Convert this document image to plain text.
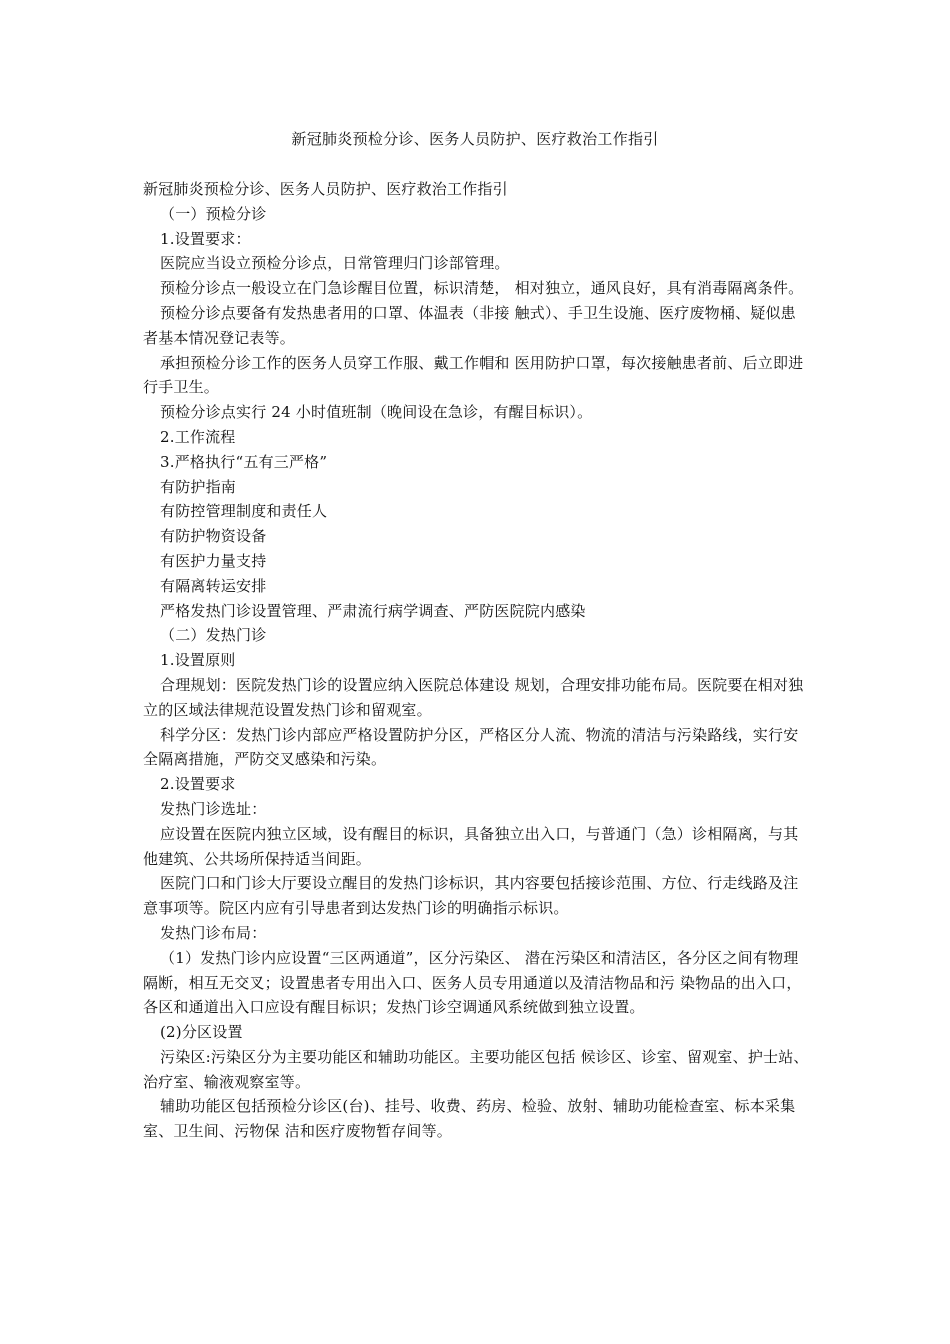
新冠肺炎预检分诊、医务人员防护、医疗救治工作指引

新冠肺炎预检分诊、医务人员防护、医疗救治工作指引

（一）预检分诊

1.设置要求：

医院应当设立预检分诊点，日常管理归门诊部管理。

预检分诊点一般设立在门急诊醒目位置，标识清楚， 相对独立，通风良好，具有消毒隔离条件。

预检分诊点要备有发热患者用的口罩、体温表（非接 触式）、手卫生设施、医疗废物桶、疑似患者基本情况登记表等。

承担预检分诊工作的医务人员穿工作服、戴工作帽和 医用防护口罩，每次接触患者前、后立即进行手卫生。

预检分诊点实行 24 小时值班制（晚间设在急诊，有醒目标识）。

2.工作流程

3.严格执行“五有三严格”

有防护指南

有防控管理制度和责任人

有防护物资设备

有医护力量支持

有隔离转运安排

严格发热门诊设置管理、严肃流行病学调查、严防医院院内感染

（二）发热门诊

1.设置原则

合理规划：医院发热门诊的设置应纳入医院总体建设 规划，合理安排功能布局。医院要在相对独立的区域法律规范设置发热门诊和留观室。

科学分区：发热门诊内部应严格设置防护分区，严格区分人流、物流的清洁与污染路线，实行安全隔离措施，严防交叉感染和污染。

2.设置要求

发热门诊选址：

应设置在医院内独立区域，设有醒目的标识，具备独立出入口，与普通门（急）诊相隔离，与其他建筑、公共场所保持适当间距。

医院门口和门诊大厅要设立醒目的发热门诊标识，其内容要包括接诊范围、方位、行走线路及注意事项等。院区内应有引导患者到达发热门诊的明确指示标识。

发热门诊布局：

（1）发热门诊内应设置“三区两通道”，区分污染区、 潜在污染区和清洁区，各分区之间有物理隔断，相互无交叉；设置患者专用出入口、医务人员专用通道以及清洁物品和污 染物品的出入口，各区和通道出入口应设有醒目标识；发热门诊空调通风系统做到独立设置。

(2)分区设置

污染区:污染区分为主要功能区和辅助功能区。主要功能区包括 候诊区、诊室、留观室、护士站、治疗室、输液观察室等。

辅助功能区包括预检分诊区(台)、挂号、收费、药房、检验、放射、辅助功能检查室、标本采集室、卫生间、污物保 洁和医疗废物暂存间等。
